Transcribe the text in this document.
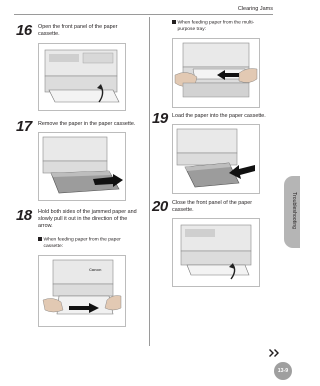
Clearing Jams
16 Open the front panel of the paper
cassette.
17 Remove the paper in the paper cassette.
18 Hold both sides of the jammed paper and
slowly pull it out in the direction of the
arrow.
When feeding paper from the paper
cassette:
Canon
When feeding paper from the multi-
purpose tray:
19 Load the paper into the paper cassette.
20 Close the front panel of the paper
cassette.	Troubleshooting
13-9
